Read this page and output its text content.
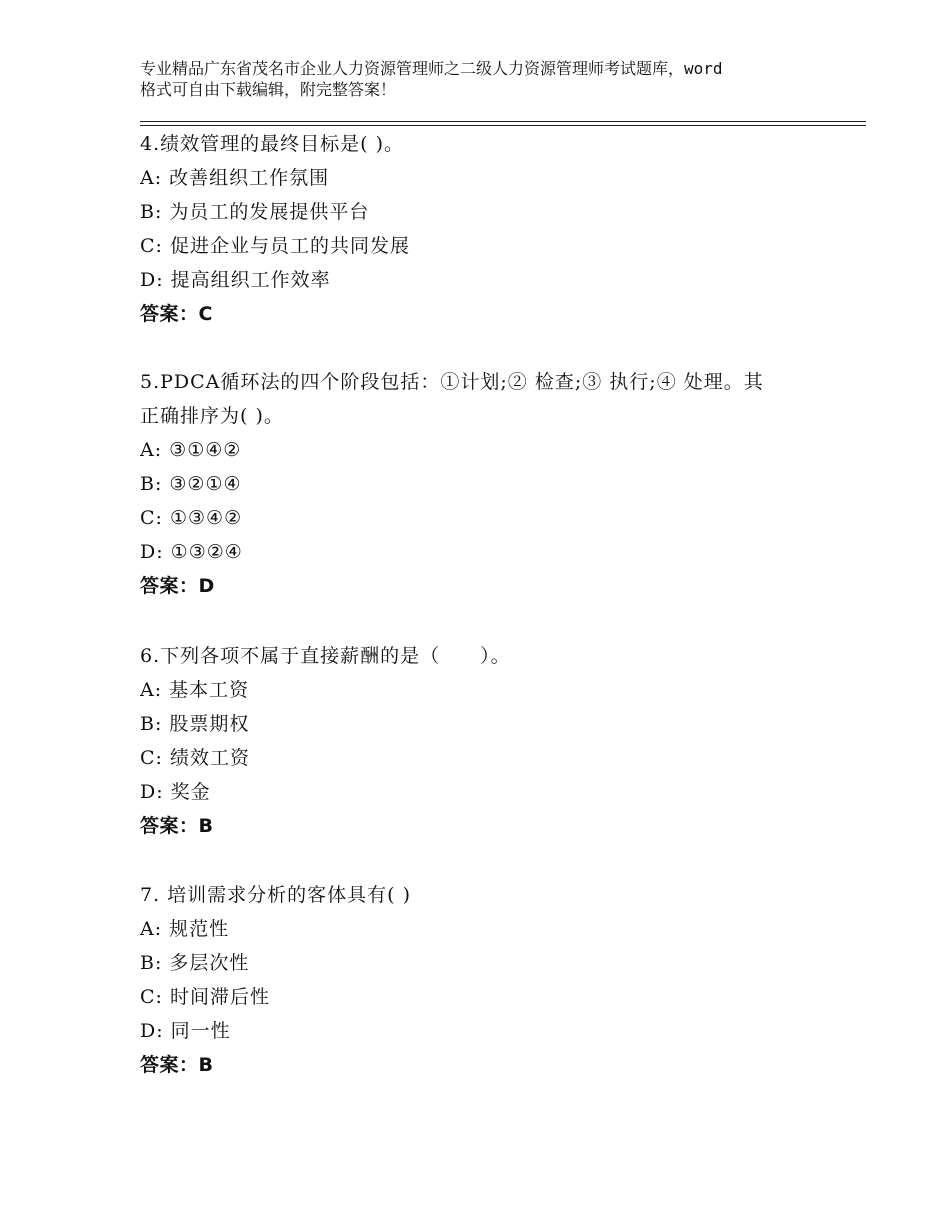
专业精品广东省茂名市企业人力资源管理师之二级人力资源管理师考试题库，word
格式可自由下载编辑，附完整答案！
4.绩效管理的最终目标是( )。
A: 改善组织工作氛围
B: 为员工的发展提供平台
C: 促进企业与员工的共同发展
D: 提高组织工作效率
答案：C
5.PDCA循环法的四个阶段包括：①计划;② 检查;③ 执行;④ 处理。其
正确排序为( )。
A: ③①④②
B: ③②①④
C: ①③④②
D: ①③②④
答案：D
6.下列各项不属于直接薪酬的是（　　）。
A: 基本工资
B: 股票期权
C: 绩效工资
D: 奖金
答案：B
7. 培训需求分析的客体具有( )
A: 规范性
B: 多层次性
C: 时间滞后性
D: 同一性
答案：B
